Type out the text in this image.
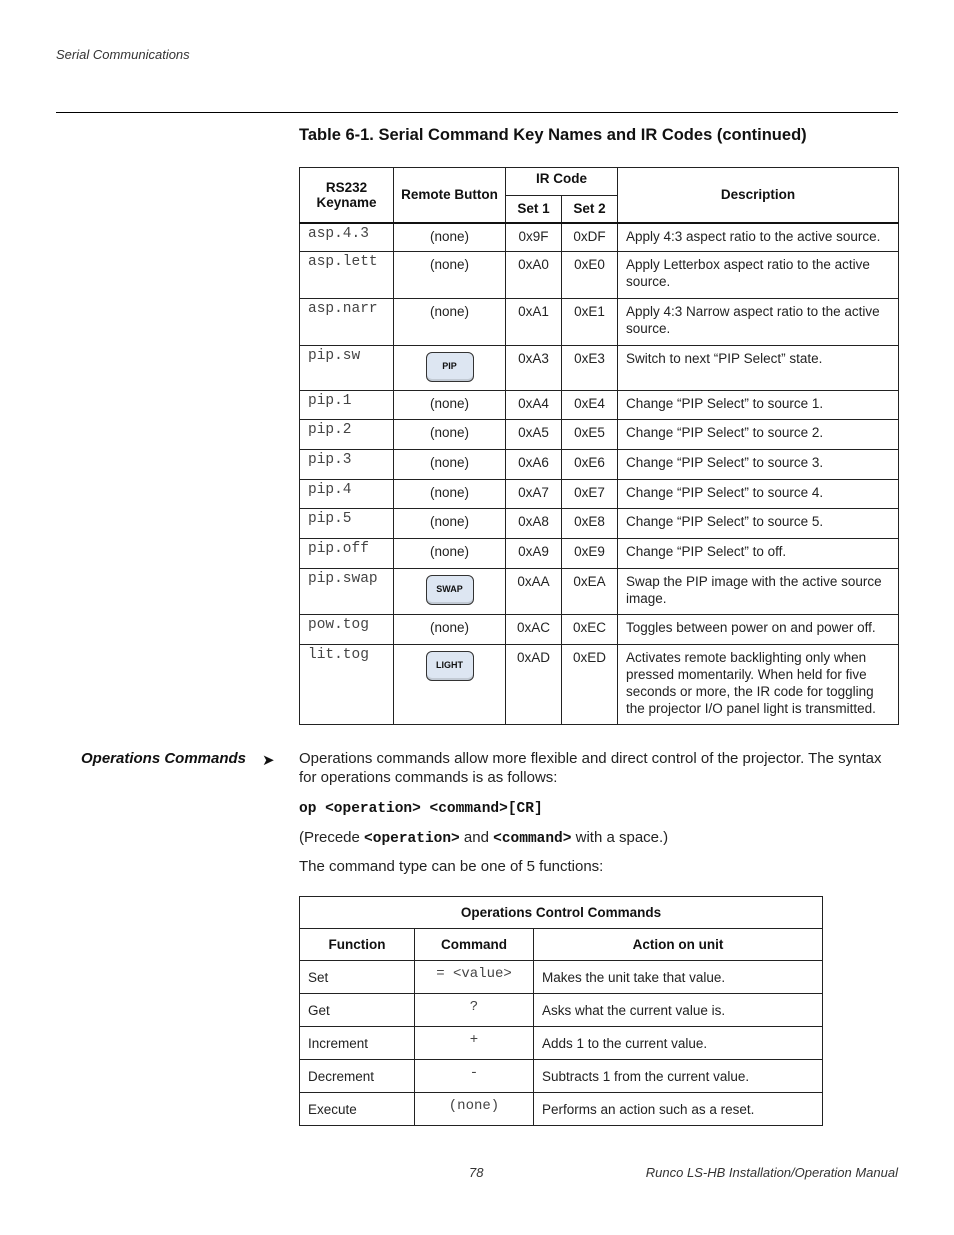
Serial Communications
Table 6-1. Serial Command Key Names and IR Codes (continued)
RS232
Keyname	Remote Button	IR Code		Description
		Set 1	Set 2	
asp.4.3	(none)	0x9F	0xDF	Apply 4:3 aspect ratio to the active source.
asp.lett	(none)	0xA0	0xE0	Apply Letterbox aspect ratio to the active source.
asp.narr	(none)	0xA1	0xE1	Apply 4:3 Narrow aspect ratio to the active source.
pip.sw	PIP	0xA3	0xE3	Switch to next “PIP Select” state.
pip.1	(none)	0xA4	0xE4	Change “PIP Select” to source 1.
pip.2	(none)	0xA5	0xE5	Change “PIP Select” to source 2.
pip.3	(none)	0xA6	0xE6	Change “PIP Select” to source 3.
pip.4	(none)	0xA7	0xE7	Change “PIP Select” to source 4.
pip.5	(none)	0xA8	0xE8	Change “PIP Select” to source 5.
pip.off	(none)	0xA9	0xE9	Change “PIP Select” to off.
pip.swap	SWAP	0xAA	0xEA	Swap the PIP image with the active source image.
pow.tog	(none)	0xAC	0xEC	Toggles between power on and power off.
lit.tog	LIGHT	0xAD	0xED	Activates remote backlighting only when pressed momentarily. When held for five seconds or more, the IR code for toggling the projector I/O panel light is transmitted.
Operations Commands ➤ Operations commands allow more flexible and direct control of the projector. The syntax for operations commands is as follows:
op <operation> <command>[CR]
(Precede <operation> and <command> with a space.)
The command type can be one of 5 functions:
Operations Control Commands		
Function	Command	Action on unit
Set	= <value>	Makes the unit take that value.
Get	?	Asks what the current value is.
Increment	+	Adds 1 to the current value.
Decrement	-	Subtracts 1 from the current value.
Execute	(none)	Performs an action such as a reset.
78	Runco LS-HB Installation/Operation Manual
